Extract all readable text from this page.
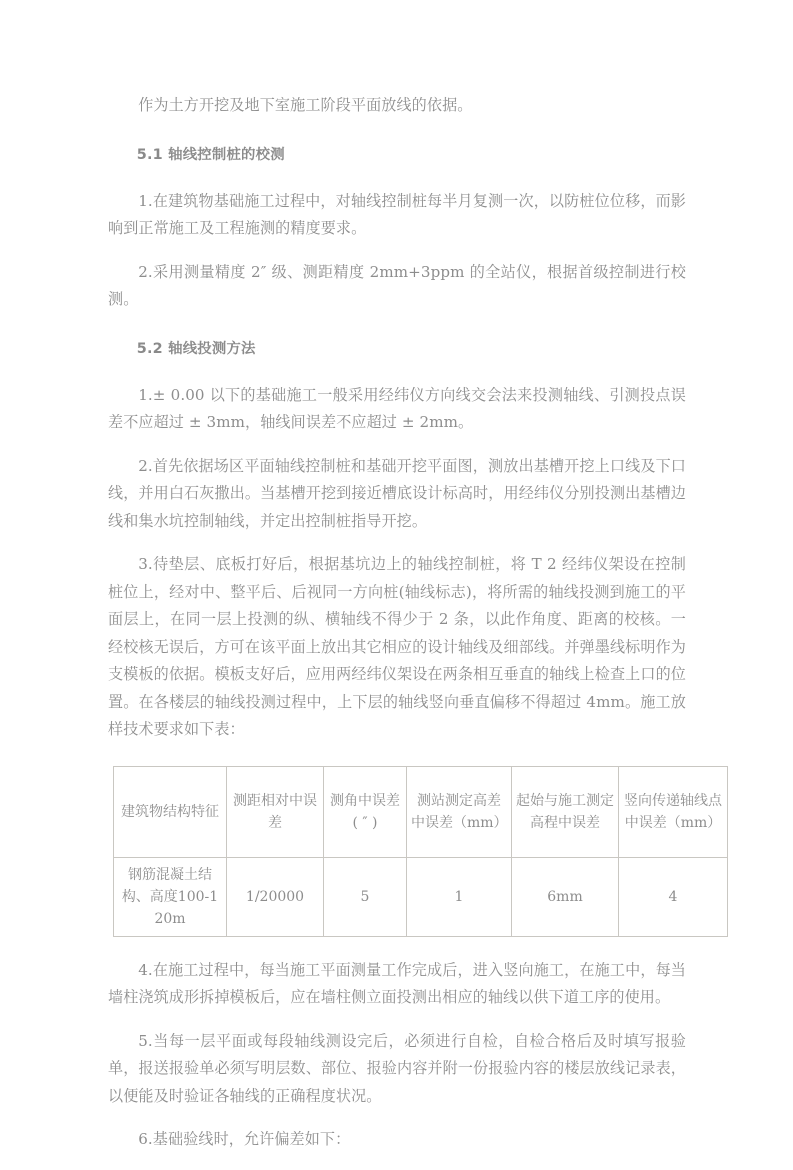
作为土方开挖及地下室施工阶段平面放线的依据。

5.1 轴线控制桩的校测

1.在建筑物基础施工过程中，对轴线控制桩每半月复测一次，以防桩位位移，而影响到正常施工及工程施测的精度要求。

2.采用测量精度 2″ 级、测距精度 2mm+3ppm 的全站仪，根据首级控制进行校测。

5.2 轴线投测方法

1.± 0.00 以下的基础施工一般采用经纬仪方向线交会法来投测轴线、引测投点误差不应超过 ± 3mm，轴线间误差不应超过 ± 2mm。

2.首先依据场区平面轴线控制桩和基础开挖平面图，测放出基槽开挖上口线及下口线，并用白石灰撒出。当基槽开挖到接近槽底设计标高时，用经纬仪分别投测出基槽边线和集水坑控制轴线，并定出控制桩指导开挖。

3.待垫层、底板打好后，根据基坑边上的轴线控制桩，将 T 2 经纬仪架设在控制桩位上，经对中、整平后、后视同一方向桩(轴线标志)，将所需的轴线投测到施工的平面层上，在同一层上投测的纵、横轴线不得少于 2 条，以此作角度、距离的校核。一经校核无误后，方可在该平面上放出其它相应的设计轴线及细部线。并弹墨线标明作为支模板的依据。模板支好后，应用两经纬仪架设在两条相互垂直的轴线上检查上口的位置。在各楼层的轴线投测过程中，上下层的轴线竖向垂直偏移不得超过 4mm。施工放样技术要求如下表：

建筑物结构特征	测距相对中误差	测角中误差( ″ )	测站测定高差中误差（mm）	起始与施工测定高程中误差	竖向传递轴线点中误差（mm）
钢筋混凝土结构、高度100-120m	1/20000	5	1	6mm	4

4.在施工过程中，每当施工平面测量工作完成后，进入竖向施工，在施工中，每当墙柱浇筑成形拆掉模板后，应在墙柱侧立面投测出相应的轴线以供下道工序的使用。

5.当每一层平面或每段轴线测设完后，必须进行自检，自检合格后及时填写报验单，报送报验单必须写明层数、部位、报验内容并附一份报验内容的楼层放线记录表，以便能及时验证各轴线的正确程度状况。

6.基础验线时，允许偏差如下：
